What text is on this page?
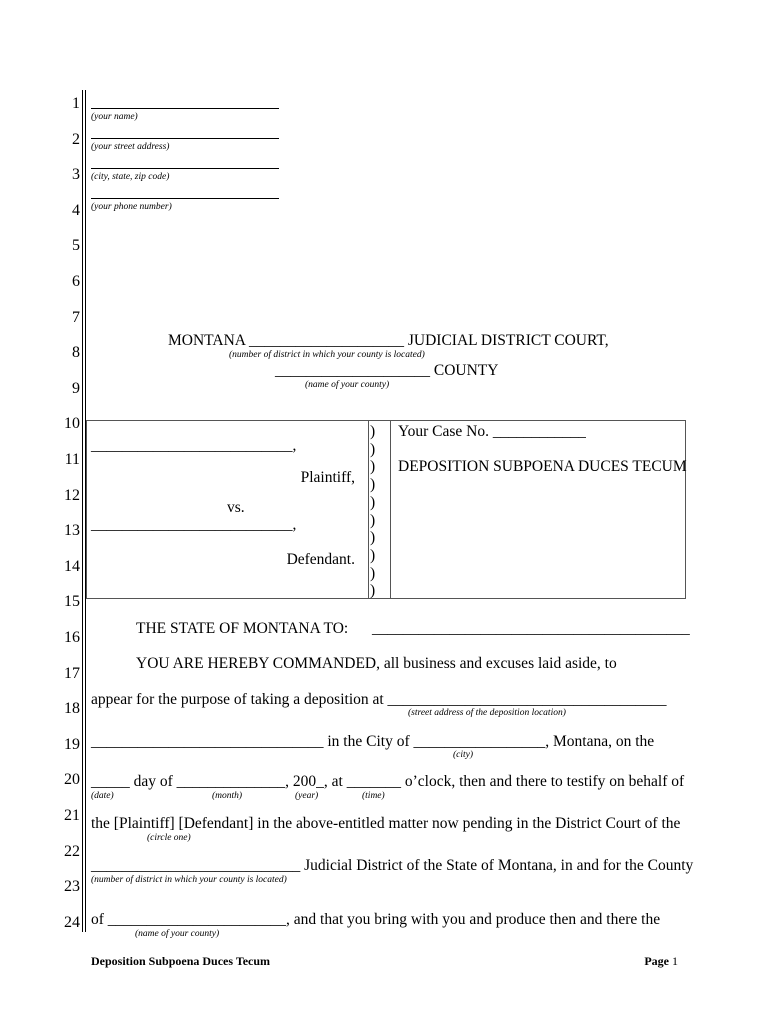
1
2
3
4
5
6
7
8
9
10
11
12
13
14
15
16
17
18
19
20
21
22
23
24
(your name)
(your street address)
(city, state, zip code)
(your phone number)
MONTANA ____________________ JUDICIAL DISTRICT COURT,
(number of district in which your county is located)
____________________ COUNTY
(name of your county)
)
)
)
)
)
)
)
)
)
)
__________________________,
Plaintiff,
vs.
__________________________,
Defendant.
Your Case No. ____________
DEPOSITION SUBPOENA DUCES TECUM
THE STATE OF MONTANA TO: _________________________________________
YOU ARE HEREBY COMMANDED, all business and excuses laid aside, to
appear for the purpose of taking a deposition at ____________________________________
(street address of the deposition location)
______________________________ in the City of _________________, Montana, on the
(city)
_____ day of ______________, 200_, at _______ o’clock, then and there to testify on behalf of
(date)	(month)	(year)	(time)
the [Plaintiff] [Defendant] in the above-entitled matter now pending in the District Court of the
(circle one)
___________________________ Judicial District of the State of Montana, in and for the County
(number of district in which your county is located)
of _______________________, and that you bring with you and produce then and there the
(name of your county)
Deposition Subpoena Duces Tecum	Page 1
